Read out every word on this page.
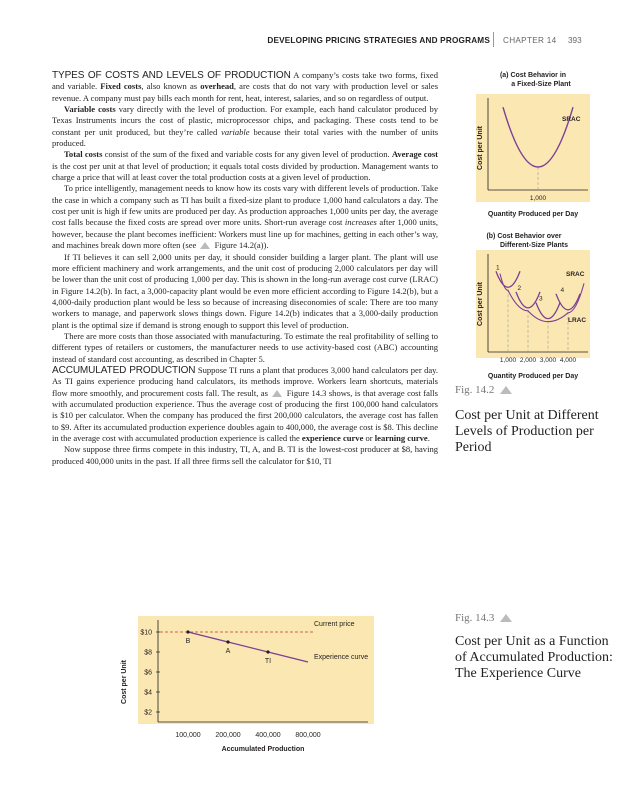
DEVELOPING PRICING STRATEGIES AND PROGRAMS CHAPTER 14 393

TYPES OF COSTS AND LEVELS OF PRODUCTION A company’s costs take two forms, fixed and variable. Fixed costs, also known as overhead, are costs that do not vary with production level or sales revenue. A company must pay bills each month for rent, heat, interest, salaries, and so on regardless of output.

Variable costs vary directly with the level of production. For example, each hand calculator produced by Texas Instruments incurs the cost of plastic, microprocessor chips, and packaging. These costs tend to be constant per unit produced, but they’re called variable because their total varies with the number of units produced.

Total costs consist of the sum of the fixed and variable costs for any given level of production. Average cost is the cost per unit at that level of production; it equals total costs divided by production. Management wants to charge a price that will at least cover the total production costs at a given level of production.

To price intelligently, management needs to know how its costs vary with different levels of production. Take the case in which a company such as TI has built a fixed-size plant to produce 1,000 hand calculators a day. The cost per unit is high if few units are produced per day. As production approaches 1,000 units per day, the average cost falls because the fixed costs are spread over more units. Short-run average cost increases after 1,000 units, however, because the plant becomes inefficient: Workers must line up for machines, getting in each other’s way, and machines break down more often (see Figure 14.2(a)).

If TI believes it can sell 2,000 units per day, it should consider building a larger plant. The plant will use more efficient machinery and work arrangements, and the unit cost of producing 2,000 calculators per day will be lower than the unit cost of producing 1,000 per day. This is shown in the long-run average cost curve (LRAC) in Figure 14.2(b). In fact, a 3,000-capacity plant would be even more efficient according to Figure 14.2(b), but a 4,000-daily production plant would be less so because of increasing diseconomies of scale: There are too many workers to manage, and paperwork slows things down. Figure 14.2(b) indicates that a 3,000-daily production plant is the optimal size if demand is strong enough to support this level of production.

There are more costs than those associated with manufacturing. To estimate the real profitability of selling to different types of retailers or customers, the manufacturer needs to use activity-based cost (ABC) accounting instead of standard cost accounting, as described in Chapter 5.

ACCUMULATED PRODUCTION Suppose TI runs a plant that produces 3,000 hand calculators per day. As TI gains experience producing hand calculators, its methods improve. Workers learn shortcuts, materials flow more smoothly, and procurement costs fall. The result, as Figure 14.3 shows, is that average cost falls with accumulated production experience. Thus the average cost of producing the first 100,000 hand calculators is $10 per calculator. When the company has produced the first 200,000 calculators, the average cost has fallen to $9. After its accumulated production experience doubles again to 400,000, the average cost is $8. This decline in the average cost with accumulated production experience is called the experience curve or learning curve.

Now suppose three firms compete in this industry, TI, A, and B. TI is the lowest-cost producer at $8, having produced 400,000 units in the past. If all three firms sell the calculator for $10, TI

(a) Cost Behavior in
a Fixed-Size Plant
Cost per Unit
SRAC
1,000
Quantity Produced per Day
(b) Cost Behavior over
Different-Size Plants
Cost per Unit
1
2
3
4
SRAC
LRAC
1,000 2,000 3,000 4,000
Quantity Produced per Day
Fig. 14.2
Cost per Unit at Different Levels of Production per Period
Cost per Unit
$10
$8
$6
$4
$2
100,000 200,000 400,000 800,000
B
A
TI
Current price
Experience curve
Accumulated Production
Fig. 14.3
Cost per Unit as a Function of Accumulated Production: The Experience Curve
